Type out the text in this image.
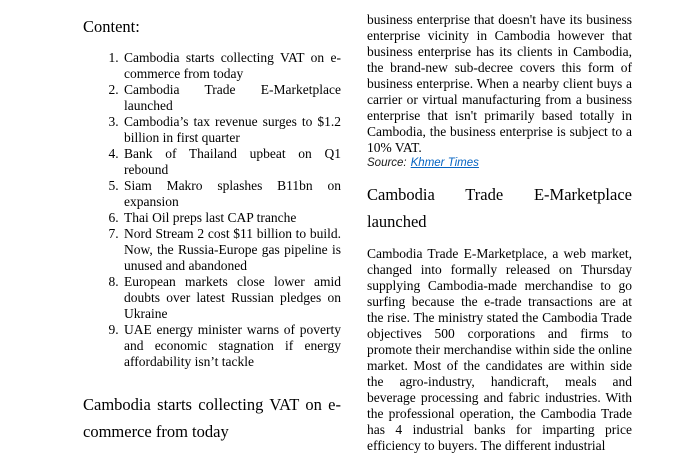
Content:
1. Cambodia starts collecting VAT on e-commerce from today
2. Cambodia Trade E-Marketplace launched
3. Cambodia’s tax revenue surges to $1.2 billion in first quarter
4. Bank of Thailand upbeat on Q1 rebound
5. Siam Makro splashes B11bn on expansion
6. Thai Oil preps last CAP tranche
7. Nord Stream 2 cost $11 billion to build. Now, the Russia-Europe gas pipeline is unused and abandoned
8. European markets close lower amid doubts over latest Russian pledges on Ukraine
9. UAE energy minister warns of poverty and economic stagnation if energy affordability isn’t tackle
Cambodia starts collecting VAT on e-commerce from today

business enterprise that doesn't have its business enterprise vicinity in Cambodia however that business enterprise has its clients in Cambodia, the brand-new sub-decree covers this form of business enterprise. When a nearby client buys a carrier or virtual manufacturing from a business enterprise that isn't primarily based totally in Cambodia, the business enterprise is subject to a 10% VAT.

Source: Khmer Times

Cambodia Trade E-Marketplace launched

Cambodia Trade E-Marketplace, a web market, changed into formally released on Thursday supplying Cambodia-made merchandise to go surfing because the e-trade transactions are at the rise. The ministry stated the Cambodia Trade objectives 500 corporations and firms to promote their merchandise within side the online market. Most of the candidates are within side the agro-industry, handicraft, meals and beverage processing and fabric industries. With the professional operation, the Cambodia Trade has 4 industrial banks for imparting price efficiency to buyers. The different industrial
